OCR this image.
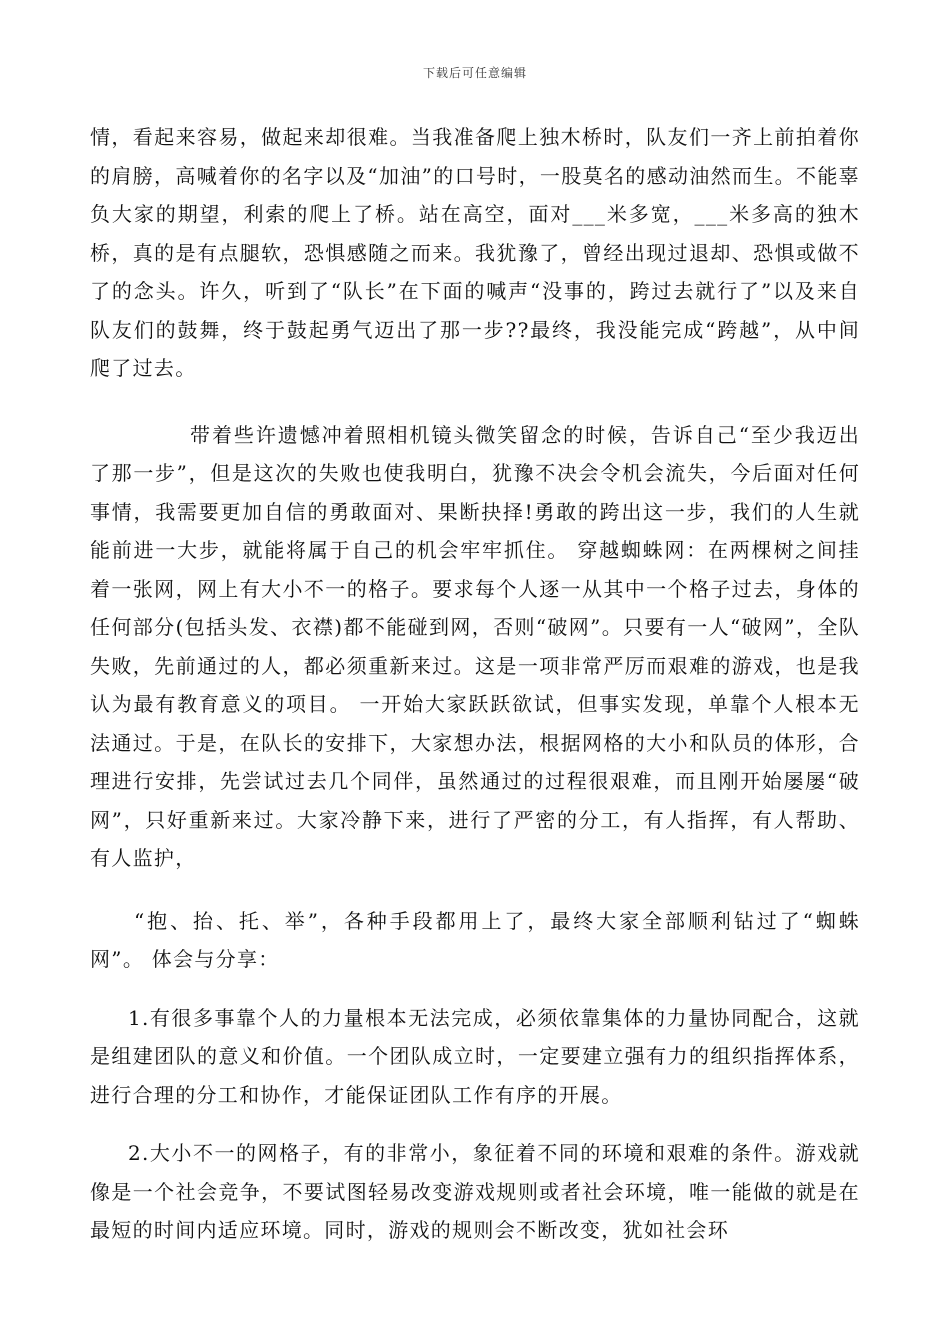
下载后可任意编辑

情，看起来容易，做起来却很难。当我准备爬上独木桥时，队友们一齐上前拍着你的肩膀，高喊着你的名字以及“加油”的口号时，一股莫名的感动油然而生。不能辜负大家的期望，利索的爬上了桥。站在高空，面对___米多宽，___米多高的独木桥，真的是有点腿软，恐惧感随之而来。我犹豫了，曾经出现过退却、恐惧或做不了的念头。许久，听到了“队长”在下面的喊声“没事的，跨过去就行了”以及来自队友们的鼓舞，终于鼓起勇气迈出了那一步??最终，我没能完成“跨越”，从中间爬了过去。

带着些许遗憾冲着照相机镜头微笑留念的时候，告诉自己“至少我迈出了那一步”，但是这次的失败也使我明白，犹豫不决会令机会流失，今后面对任何事情，我需要更加自信的勇敢面对、果断抉择!勇敢的跨出这一步，我们的人生就能前进一大步，就能将属于自己的机会牢牢抓住。 穿越蜘蛛网：在两棵树之间挂着一张网，网上有大小不一的格子。要求每个人逐一从其中一个格子过去，身体的任何部分(包括头发、衣襟)都不能碰到网，否则“破网”。只要有一人“破网”，全队失败，先前通过的人，都必须重新来过。这是一项非常严厉而艰难的游戏，也是我认为最有教育意义的项目。 一开始大家跃跃欲试，但事实发现，单靠个人根本无法通过。于是，在队长的安排下，大家想办法，根据网格的大小和队员的体形，合理进行安排，先尝试过去几个同伴，虽然通过的过程很艰难，而且刚开始屡屡“破网”，只好重新来过。大家冷静下来，进行了严密的分工，有人指挥，有人帮助、有人监护，

“抱、抬、托、举”，各种手段都用上了，最终大家全部顺利钻过了“蜘蛛网”。 体会与分享：

1.有很多事靠个人的力量根本无法完成，必须依靠集体的力量协同配合，这就是组建团队的意义和价值。一个团队成立时，一定要建立强有力的组织指挥体系，进行合理的分工和协作，才能保证团队工作有序的开展。

2.大小不一的网格子，有的非常小，象征着不同的环境和艰难的条件。游戏就像是一个社会竞争，不要试图轻易改变游戏规则或者社会环境，唯一能做的就是在最短的时间内适应环境。同时，游戏的规则会不断改变，犹如社会环
